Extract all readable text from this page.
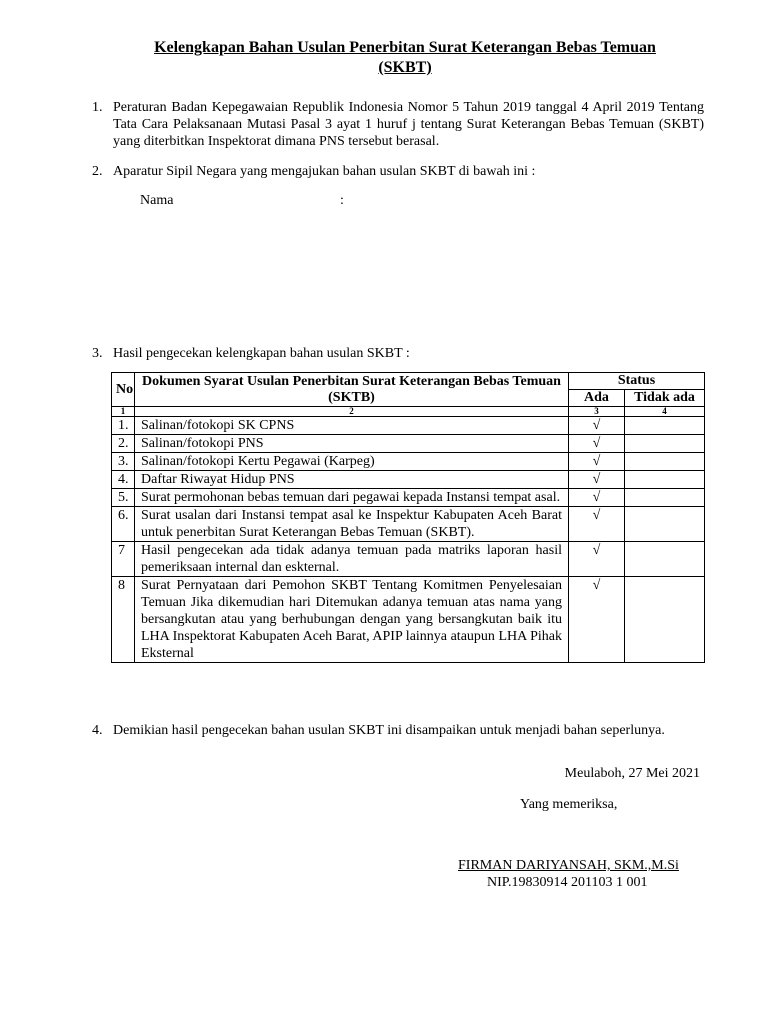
Kelengkapan Bahan Usulan Penerbitan Surat Keterangan Bebas Temuan
(SKBT)
1. Peraturan Badan Kepegawaian Republik Indonesia Nomor 5 Tahun 2019 tanggal 4 April 2019 Tentang Tata Cara Pelaksanaan Mutasi Pasal 3 ayat 1 huruf j tentang Surat Keterangan Bebas Temuan (SKBT) yang diterbitkan Inspektorat dimana PNS tersebut berasal.
2. Aparatur Sipil Negara yang mengajukan bahan usulan SKBT di bawah ini :
Nama	:
3. Hasil pengecekan kelengkapan bahan usulan SKBT :
No	Dokumen Syarat Usulan Penerbitan Surat Keterangan Bebas Temuan (SKTB)	Status	
		Ada	Tidak ada
1	2	3	4
1.	Salinan/fotokopi SK CPNS	√	
2.	Salinan/fotokopi PNS	√	
3.	Salinan/fotokopi Kertu Pegawai (Karpeg)	√	
4.	Daftar Riwayat Hidup PNS	√	
5.	Surat permohonan bebas temuan dari pegawai kepada Instansi tempat asal.	√	
6.	Surat usalan dari Instansi tempat asal ke Inspektur Kabupaten Aceh Barat untuk penerbitan Surat Keterangan Bebas Temuan (SKBT).	√	
7	Hasil pengecekan ada tidak adanya temuan pada matriks laporan hasil pemeriksaan internal dan eskternal.	√	
8	Surat Pernyataan dari Pemohon SKBT Tentang Komitmen Penyelesaian Temuan Jika dikemudian hari Ditemukan adanya temuan atas nama yang bersangkutan atau yang berhubungan dengan yang bersangkutan baik itu LHA Inspektorat Kabupaten Aceh Barat, APIP lainnya ataupun LHA Pihak Eksternal	√	
4. Demikian hasil pengecekan bahan usulan SKBT ini disampaikan untuk menjadi bahan seperlunya.
Meulaboh, 27 Mei 2021
Yang memeriksa,
FIRMAN DARIYANSAH, SKM.,M.Si
NIP.19830914 201103 1 001
